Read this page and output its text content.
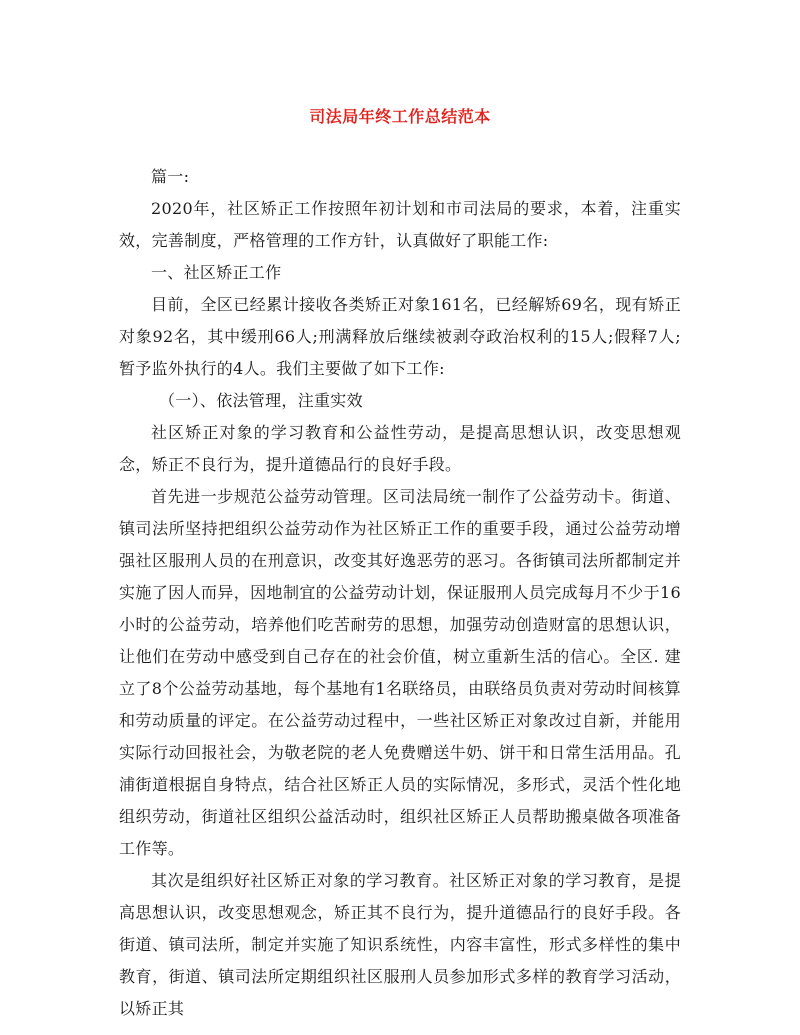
司法局年终工作总结范本

篇一:

2020年，社区矫正工作按照年初计划和市司法局的要求，本着，注重实效，完善制度，严格管理的工作方针，认真做好了职能工作:

一、社区矫正工作

目前，全区已经累计接收各类矫正对象161名，已经解矫69名，现有矫正对象92名，其中缓刑66人;刑满释放后继续被剥夺政治权利的15人;假释7人;暂予监外执行的4人。我们主要做了如下工作:

（一）、依法管理，注重实效

社区矫正对象的学习教育和公益性劳动，是提高思想认识，改变思想观念，矫正不良行为，提升道德品行的良好手段。

首先进一步规范公益劳动管理。区司法局统一制作了公益劳动卡。街道、镇司法所坚持把组织公益劳动作为社区矫正工作的重要手段，通过公益劳动增强社区服刑人员的在刑意识，改变其好逸恶劳的恶习。各街镇司法所都制定并实施了因人而异，因地制宜的公益劳动计划，保证服刑人员完成每月不少于16小时的公益劳动，培养他们吃苦耐劳的思想，加强劳动创造财富的思想认识，让他们在劳动中感受到自己存在的社会价值，树立重新生活的信心。全区. 建立了8个公益劳动基地，每个基地有1名联络员，由联络员负责对劳动时间核算和劳动质量的评定。在公益劳动过程中，一些社区矫正对象改过自新，并能用实际行动回报社会，为敬老院的老人免费赠送牛奶、饼干和日常生活用品。孔浦街道根据自身特点，结合社区矫正人员的实际情况，多形式，灵活个性化地组织劳动，街道社区组织公益活动时，组织社区矫正人员帮助搬桌做各项准备工作等。

其次是组织好社区矫正对象的学习教育。社区矫正对象的学习教育，是提高思想认识，改变思想观念，矫正其不良行为，提升道德品行的良好手段。各街道、镇司法所，制定并实施了知识系统性，内容丰富性，形式多样性的集中教育，街道、镇司法所定期组织社区服刑人员参加形式多样的教育学习活动，以矫正其
